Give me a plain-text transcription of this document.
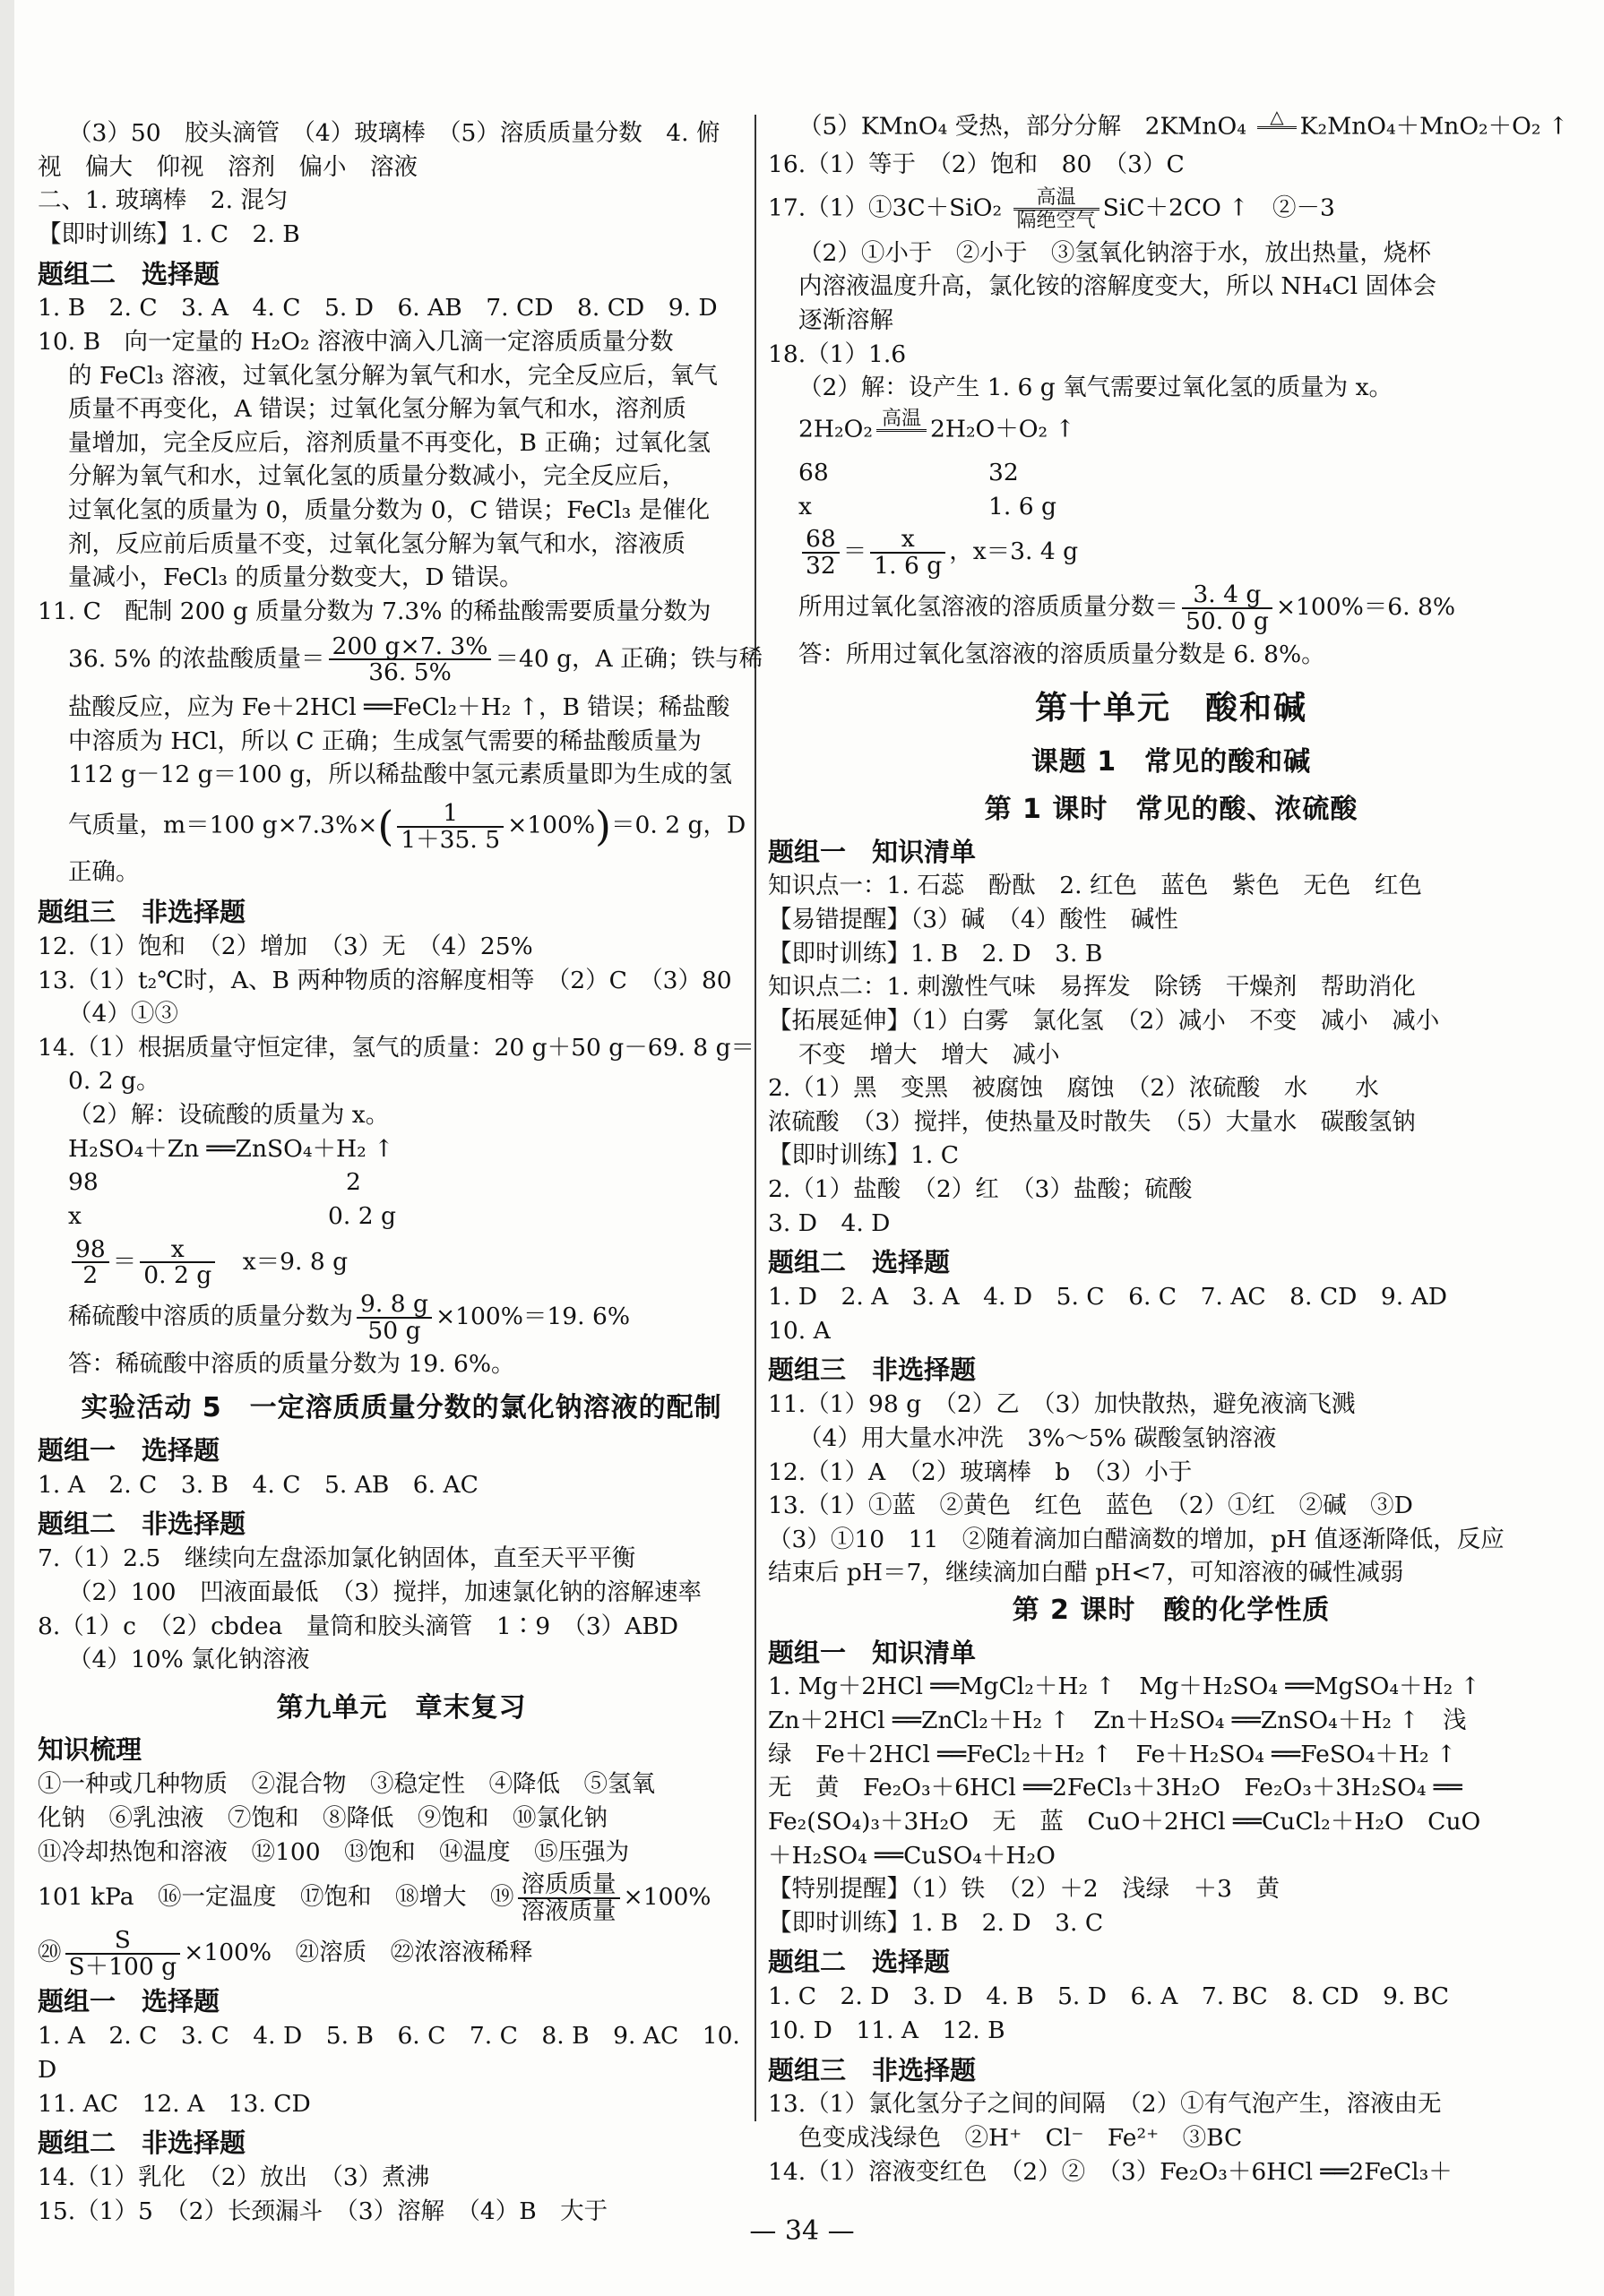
（3）50　胶头滴管　（4）玻璃棒　（5）溶质质量分数　4. 俯

视　偏大　仰视　溶剂　偏小　溶液

二、1. 玻璃棒　2. 混匀

【即时训练】1. C　2. B

题组二　选择题

1. B　2. C　3. A　4. C　5. D　6. AB　7. CD　8. CD　9. D

10. B　向一定量的 H₂O₂ 溶液中滴入几滴一定溶质质量分数

的 FeCl₃ 溶液，过氧化氢分解为氧气和水，完全反应后，氧气

质量不再变化，A 错误；过氧化氢分解为氧气和水，溶剂质

量增加，完全反应后，溶剂质量不再变化，B 正确；过氧化氢

分解为氧气和水，过氧化氢的质量分数减小，完全反应后，

过氧化氢的质量为 0，质量分数为 0，C 错误；FeCl₃ 是催化

剂，反应前后质量不变，过氧化氢分解为氧气和水，溶液质

量减小，FeCl₃ 的质量分数变大，D 错误。

11. C　配制 200 g 质量分数为 7.3% 的稀盐酸需要质量分数为

36. 5% 的浓盐酸质量＝ $\frac{200 g\times 7. 3\%}{36. 5\%} =40$ g，A 正确；铁与稀

盐酸反应，应为 Fe＋2HCl ══FeCl₂＋H₂ ↑，B 错误；稀盐酸

中溶质为 HCl，所以 C 正确；生成氢气需要的稀盐酸质量为

112 g－12 g＝100 g，所以稀盐酸中氢元素质量即为生成的氢

气质量，m＝100 $g\times 7.3\%\times( \frac{1}{1+35. 5} \times 100\%)=0$. 2 g，D 正确。

题组三　非选择题

12.（1）饱和　（2）增加　（3）无　（4）25%

13.（1）t₂℃时，A、B 两种物质的溶解度相等　（2）C　（3）80

（4）①③

14.（1）根据质量守恒定律，氢气的质量：20 g＋50 g－69. 8 g＝

0. 2 g。

（2）解：设硫酸的质量为 x。

H₂SO₄＋Zn ══ZnSO₄＋H₂ ↑

98	2
x	0. 2 g

$\frac{98}{2} = \frac{x}{0. 2 g}$
　 x＝9. 8 g

稀硫酸中溶质的质量分数为 $\frac{9. 8 g}{50 g} \times 100\%=19$. 6%

答：稀硫酸中溶质的质量分数为 19. 6%。

实验活动 5　一定溶质质量分数的氯化钠溶液的配制
题组一　选择题

1. A　2. C　3. B　4. C　5. AB　6. AC

题组二　非选择题

7.（1）2.5　继续向左盘添加氯化钠固体，直至天平平衡

（2）100　凹液面最低　（3）搅拌，加速氯化钠的溶解速率

8.（1）c　（2）cbdea　量筒和胶头滴管　1∶9　（3）ABD

（4）10% 氯化钠溶液

第九单元　章末复习
知识梳理

①一种或几种物质　②混合物　③稳定性　④降低　⑤氢氧

化钠　⑥乳浊液　⑦饱和　⑧降低　⑨饱和　⑩氯化钠

⑪冷却热饱和溶液　⑫100　⑬饱和　⑭温度　⑮压强为

101 kPa　⑯一定温度　⑰饱和　⑱增大　⑲ $\frac{\text{溶质质量}}{\text{溶液质量}} \times 100\%$

⑳ $\frac{S}{S+100 g} \times 100\%$　㉑溶质　㉒浓溶液稀释

题组一　选择题

1. A　2. C　3. C　4. D　5. B　6. C　7. C　8. B　9. AC　10. D

11. AC　12. A　13. CD

题组二　非选择题

14.（1）乳化　（2）放出　（3）煮沸

15.（1）5　（2）长颈漏斗　（3）溶解　（4）B　大于

（5）KMnO₄ 受热，部分分解　2KMnO₄ △
K₂MnO₄＋MnO₂＋O₂ ↑

16.（1）等于　（2）饱和　80　（3）C

17.（1）①3C＋SiO₂ $\frac{\text{高温}}{\text{隔绝空气}} SiC+2CO$ ↑　②－3

（2）①小于　②小于　③氢氧化钠溶于水，放出热量，烧杯

内溶液温度升高，氯化铵的溶解度变大，所以 NH₄Cl 固体会

逐渐溶解

18.（1）1.6

（2）解：设产生 1. 6 g 氧气需要过氧化氢的质量为 x。

2H₂O₂ 高温
2H₂O＋O₂ ↑

68	32
x	1. 6 g

$\frac{68}{32} = \frac{x}{1. 6 g}$ ，x＝3. 4 g

所用过氧化氢溶液的溶质质量分数＝ $\frac{3. 4 g}{50. 0 g} \times 100\%=6$. 8%

答：所用过氧化氢溶液的溶质质量分数是 6. 8%。

第十单元　酸和碱
课题 1　常见的酸和碱
第 1 课时　常见的酸、浓硫酸
题组一　知识清单

知识点一：1. 石蕊　酚酞　2. 红色　蓝色　紫色　无色　红色

【易错提醒】（3）碱　（4）酸性　碱性

【即时训练】1. B　2. D　3. B

知识点二：1. 刺激性气味　易挥发　除锈　干燥剂　帮助消化

【拓展延伸】（1）白雾　氯化氢　（2）减小　不变　减小　减小

不变　增大　增大　减小

2.（1）黑　变黑　被腐蚀　腐蚀　（2）浓硫酸　水　　水

浓硫酸　（3）搅拌，使热量及时散失　（5）大量水　碳酸氢钠

【即时训练】1. C

2.（1）盐酸　（2）红　（3）盐酸；硫酸

3. D　4. D

题组二　选择题

1. D　2. A　3. A　4. D　5. C　6. C　7. AC　8. CD　9. AD

10. A

题组三　非选择题

11.（1）98 g　（2）乙　（3）加快散热，避免液滴飞溅

（4）用大量水冲洗　3%～5% 碳酸氢钠溶液

12.（1）A　（2）玻璃棒　b　（3）小于

13.（1）①蓝　②黄色　红色　蓝色　（2）①红　②碱　③D

（3）①10　11　②随着滴加白醋滴数的增加，pH 值逐渐降低，反应

结束后 pH＝7，继续滴加白醋 pH<7，可知溶液的碱性减弱

第 2 课时　酸的化学性质
题组一　知识清单

1. Mg＋2HCl ══MgCl₂＋H₂ ↑　Mg＋H₂SO₄ ══MgSO₄＋H₂ ↑

Zn＋2HCl ══ZnCl₂＋H₂ ↑　Zn＋H₂SO₄ ══ZnSO₄＋H₂ ↑　浅

绿　Fe＋2HCl ══FeCl₂＋H₂ ↑　Fe＋H₂SO₄ ══FeSO₄＋H₂ ↑

无　黄　Fe₂O₃＋6HCl ══2FeCl₃＋3H₂O　Fe₂O₃＋3H₂SO₄ ══

Fe₂(SO₄)₃＋3H₂O　无　蓝　CuO＋2HCl ══CuCl₂＋H₂O　CuO

＋H₂SO₄ ══CuSO₄＋H₂O

【特别提醒】（1）铁　（2）＋2　浅绿　＋3　黄

【即时训练】1. B　2. D　3. C

题组二　选择题

1. C　2. D　3. D　4. B　5. D　6. A　7. BC　8. CD　9. BC

10. D　11. A　12. B

题组三　非选择题

13.（1）氯化氢分子之间的间隔　（2）①有气泡产生，溶液由无

色变成浅绿色　②H⁺　Cl⁻　Fe²⁺　③BC

14.（1）溶液变红色　（2）②　（3）Fe₂O₃＋6HCl ══2FeCl₃＋

— 34 —
